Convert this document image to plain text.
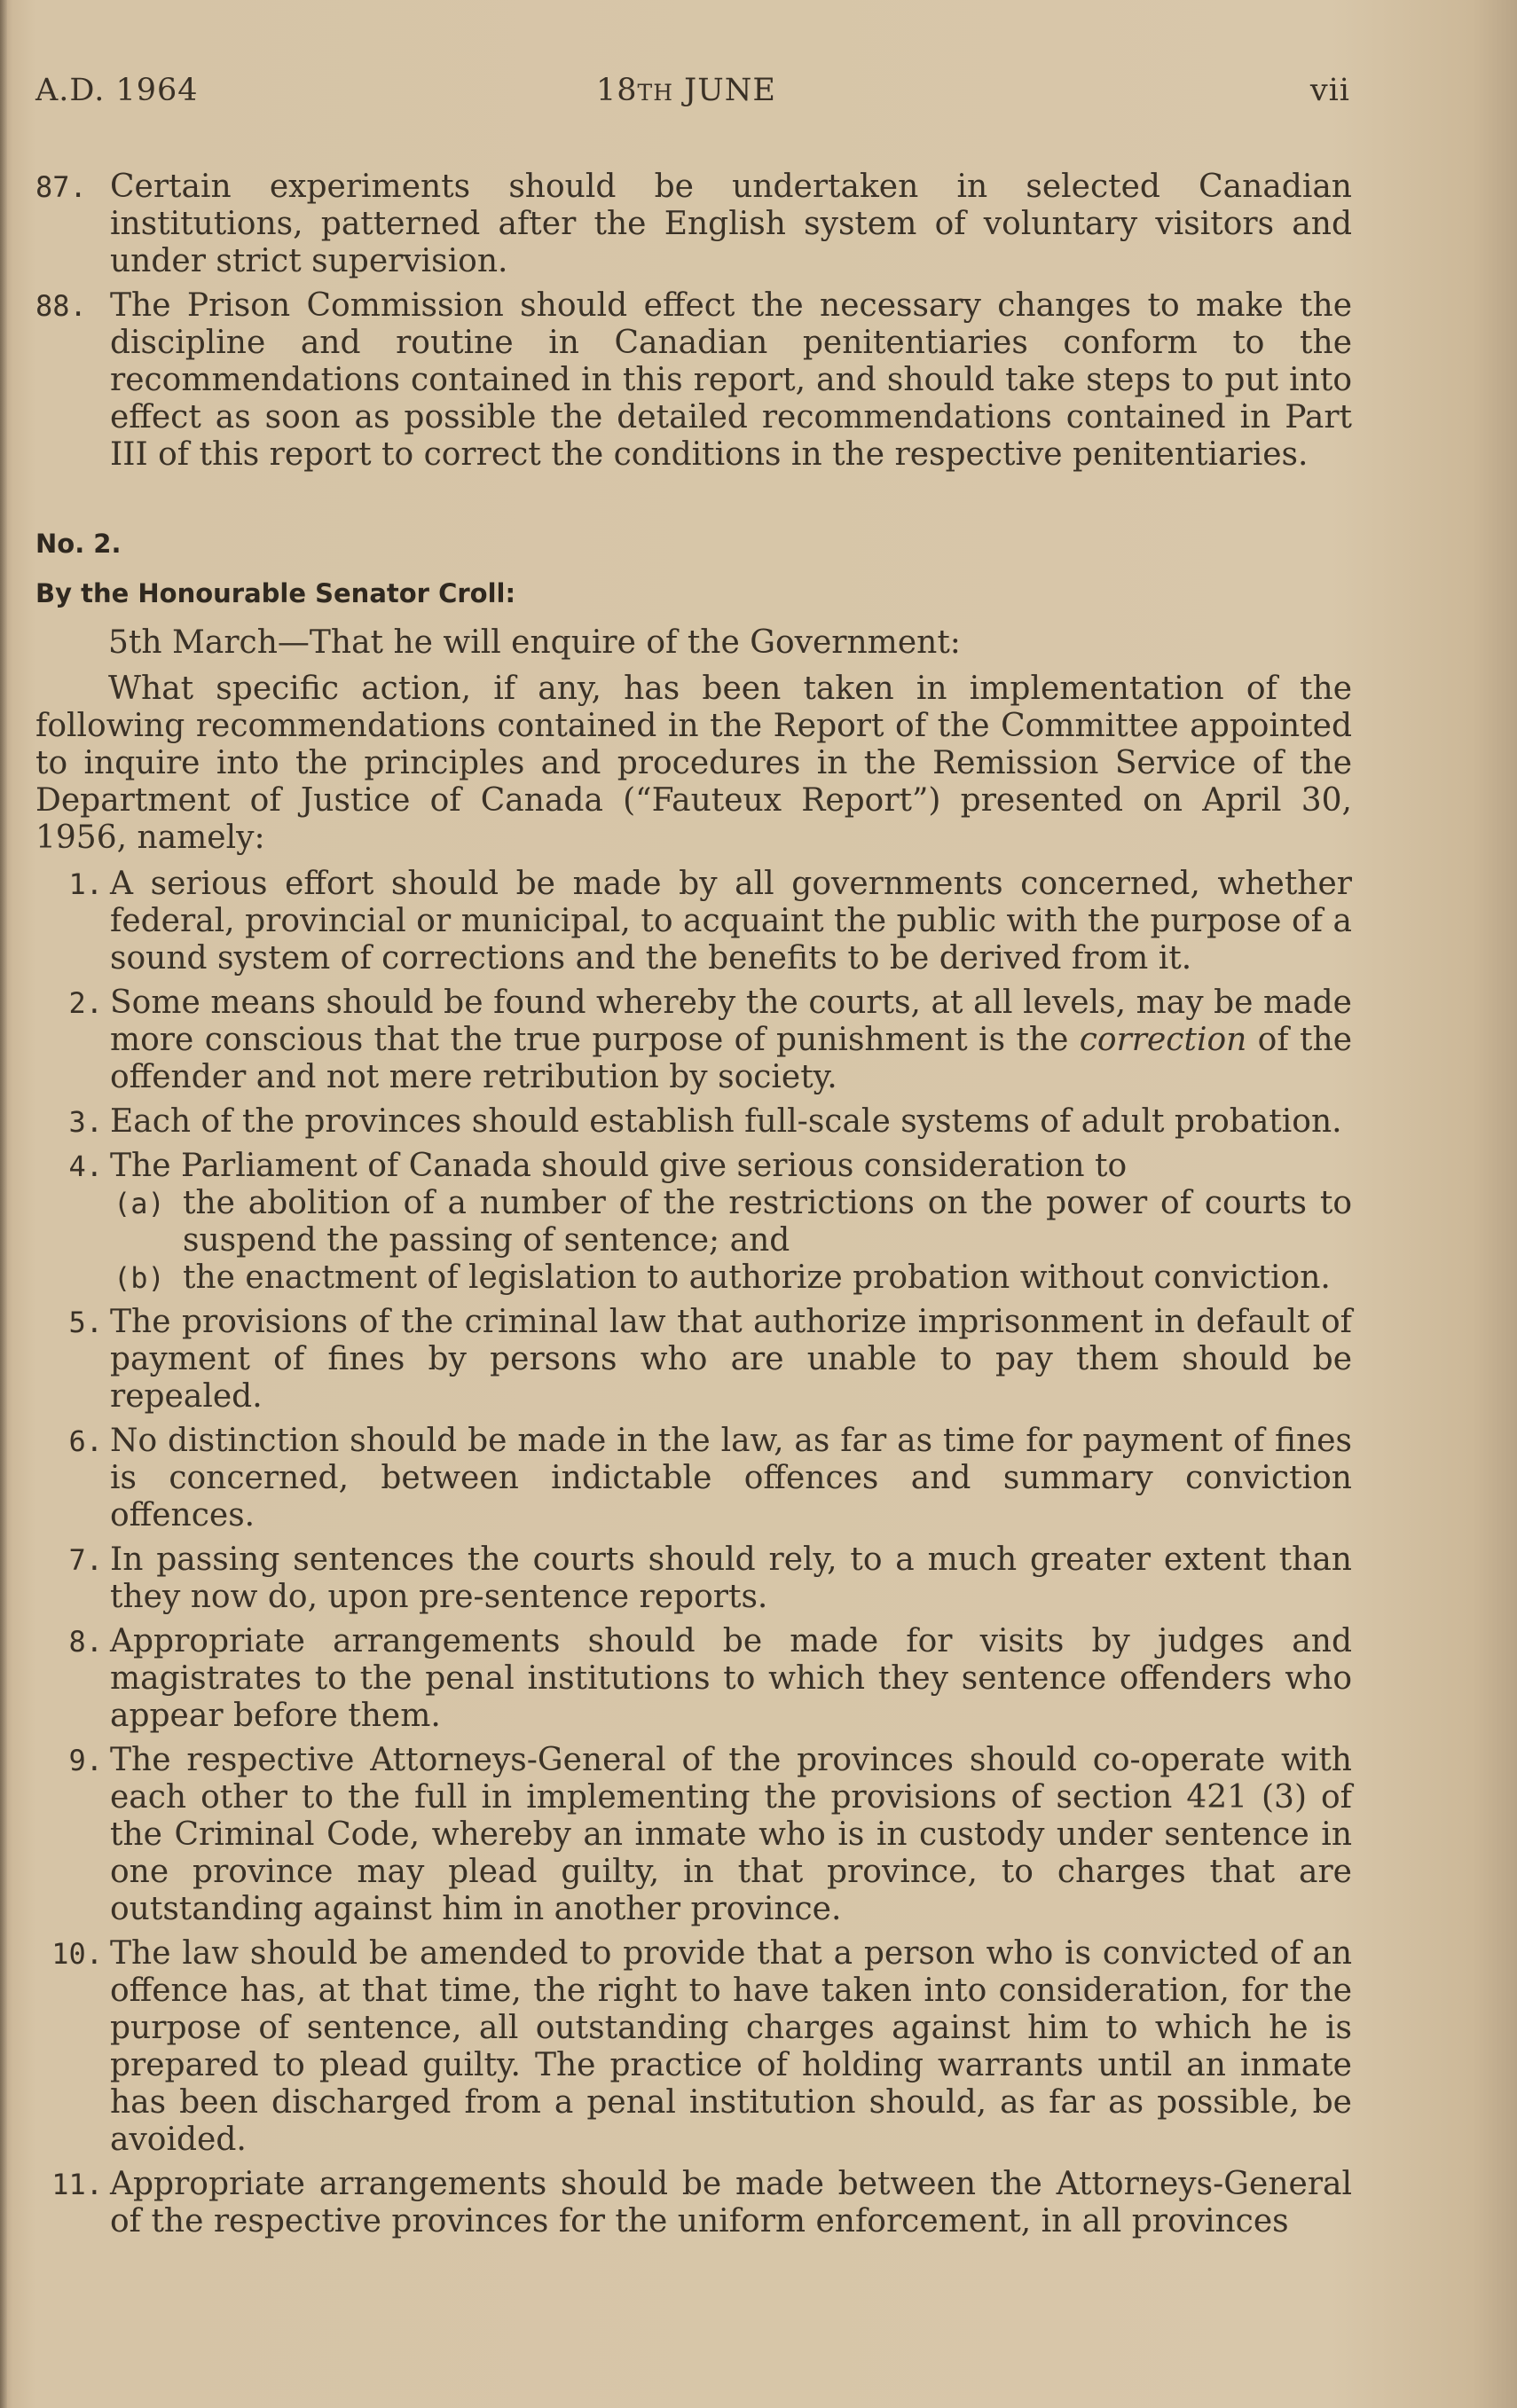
A.D. 1964	18TH JUNE	vii
87. Certain experiments should be undertaken in selected Canadian institutions, patterned after the English system of voluntary visitors and under strict supervision.
88. The Prison Commission should effect the necessary changes to make the discipline and routine in Canadian penitentiaries conform to the recommendations contained in this report, and should take steps to put into effect as soon as possible the detailed recommendations contained in Part III of this report to correct the conditions in the respective penitentiaries.
No. 2.
By the Honourable Senator Croll:
5th March—That he will enquire of the Government:
What specific action, if any, has been taken in implementation of the following recommendations contained in the Report of the Committee appointed to inquire into the principles and procedures in the Remission Service of the Department of Justice of Canada (“Fauteux Report”) presented on April 30, 1956, namely:
1. A serious effort should be made by all governments concerned, whether federal, provincial or municipal, to acquaint the public with the purpose of a sound system of corrections and the benefits to be derived from it.
2. Some means should be found whereby the courts, at all levels, may be made more conscious that the true purpose of punishment is the correction of the offender and not mere retribution by society.
3. Each of the provinces should establish full-scale systems of adult probation.
4. The Parliament of Canada should give serious consideration to
(a) the abolition of a number of the restrictions on the power of courts to suspend the passing of sentence; and
(b) the enactment of legislation to authorize probation without conviction.
5. The provisions of the criminal law that authorize imprisonment in default of payment of fines by persons who are unable to pay them should be repealed.
6. No distinction should be made in the law, as far as time for payment of fines is concerned, between indictable offences and summary conviction offences.
7. In passing sentences the courts should rely, to a much greater extent than they now do, upon pre-sentence reports.
8. Appropriate arrangements should be made for visits by judges and magistrates to the penal institutions to which they sentence offenders who appear before them.
9. The respective Attorneys-General of the provinces should co-operate with each other to the full in implementing the provisions of section 421 (3) of the Criminal Code, whereby an inmate who is in custody under sentence in one province may plead guilty, in that province, to charges that are outstanding against him in another province.
10. The law should be amended to provide that a person who is convicted of an offence has, at that time, the right to have taken into consideration, for the purpose of sentence, all outstanding charges against him to which he is prepared to plead guilty. The practice of holding warrants until an inmate has been discharged from a penal institution should, as far as possible, be avoided.
11. Appropriate arrangements should be made between the Attorneys-General of the respective provinces for the uniform enforcement, in all provinces
